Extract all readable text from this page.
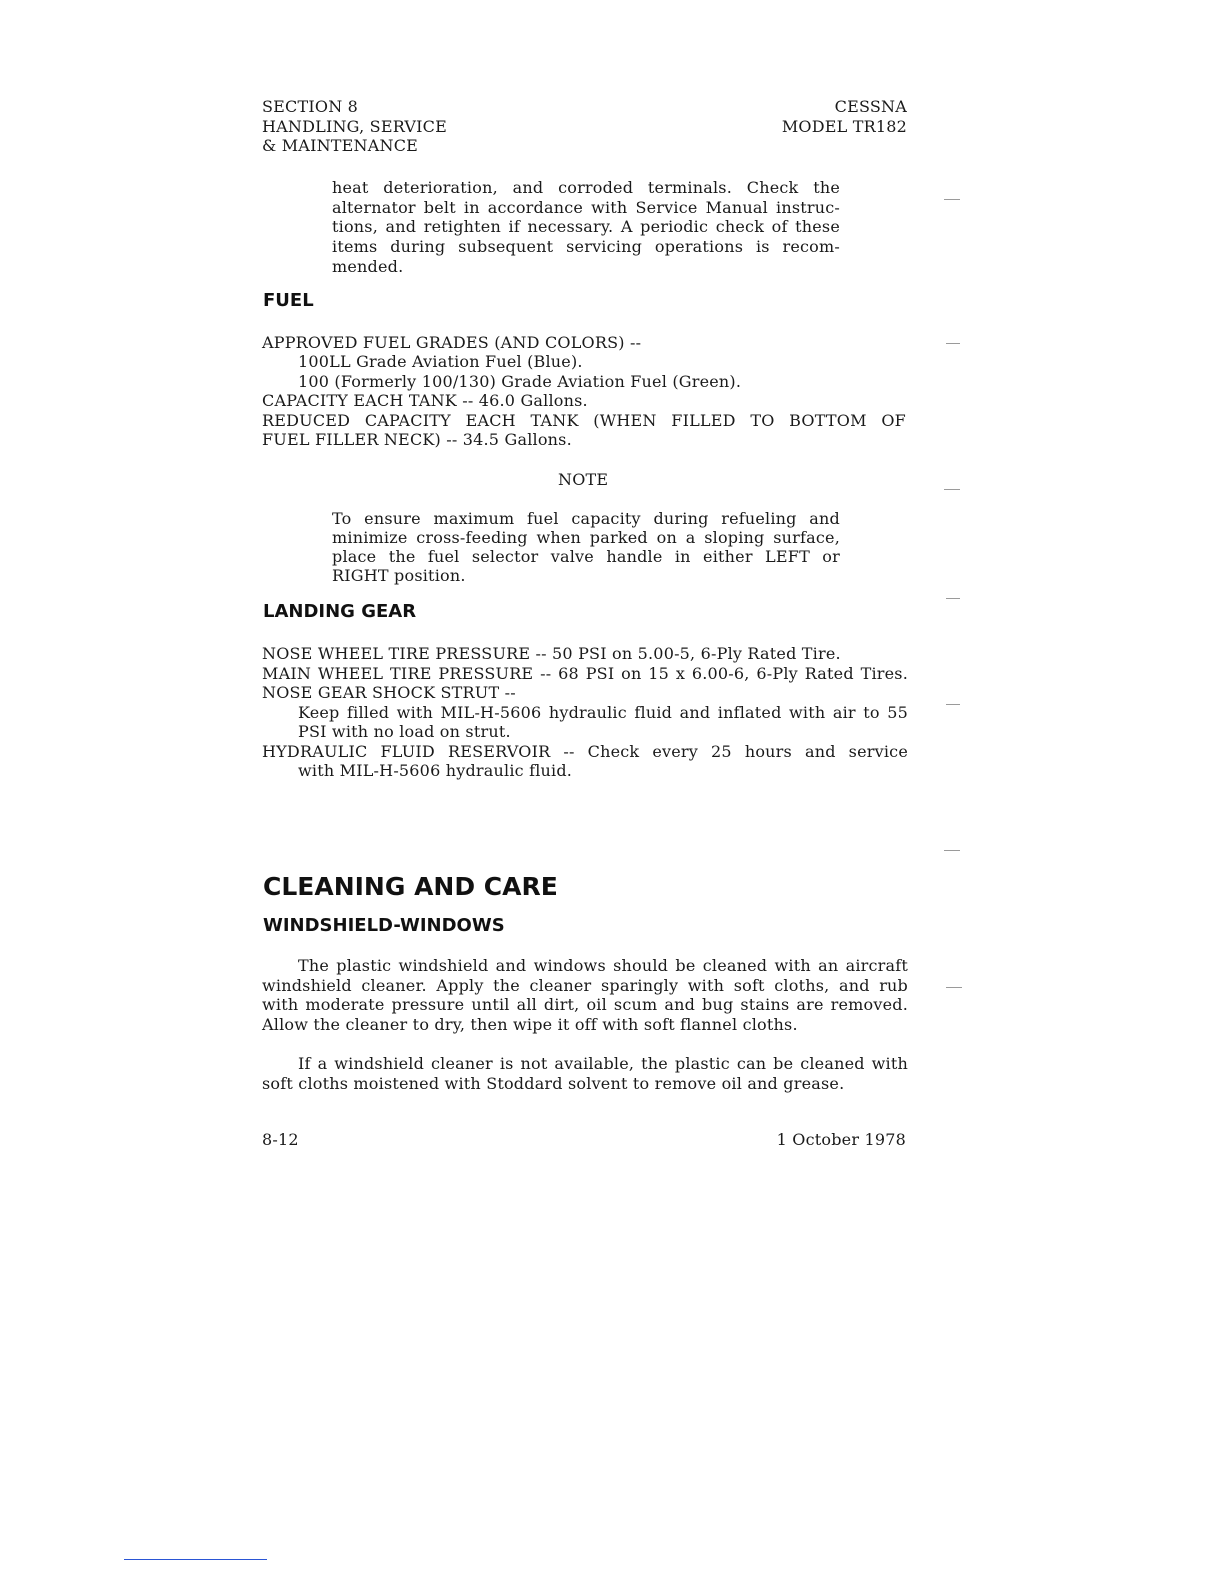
SECTION 8
HANDLING, SERVICE
& MAINTENANCE
CESSNA
MODEL TR182
heat deterioration, and corroded terminals. Check the
alternator belt in accordance with Service Manual instruc-
tions, and retighten if necessary. A periodic check of these
items during subsequent servicing operations is recom-
mended.
FUEL
APPROVED FUEL GRADES (AND COLORS) --
100LL Grade Aviation Fuel (Blue).
100 (Formerly 100/130) Grade Aviation Fuel (Green).
CAPACITY EACH TANK -- 46.0 Gallons.
REDUCED CAPACITY EACH TANK (WHEN FILLED TO BOTTOM OF
FUEL FILLER NECK) -- 34.5 Gallons.
NOTE
To ensure maximum fuel capacity during refueling and
minimize cross-feeding when parked on a sloping surface,
place the fuel selector valve handle in either LEFT or
RIGHT position.
LANDING GEAR
NOSE WHEEL TIRE PRESSURE -- 50 PSI on 5.00-5, 6-Ply Rated Tire.
MAIN WHEEL TIRE PRESSURE -- 68 PSI on 15 x 6.00-6, 6-Ply Rated Tires.
NOSE GEAR SHOCK STRUT --
Keep filled with MIL-H-5606 hydraulic fluid and inflated with air to 55
PSI with no load on strut.
HYDRAULIC FLUID RESERVOIR -- Check every 25 hours and service
with MIL-H-5606 hydraulic fluid.
CLEANING AND CARE
WINDSHIELD-WINDOWS
The plastic windshield and windows should be cleaned with an aircraft
windshield cleaner. Apply the cleaner sparingly with soft cloths, and rub
with moderate pressure until all dirt, oil scum and bug stains are removed.
Allow the cleaner to dry, then wipe it off with soft flannel cloths.
If a windshield cleaner is not available, the plastic can be cleaned with
soft cloths moistened with Stoddard solvent to remove oil and grease.
8-12	1 October 1978
